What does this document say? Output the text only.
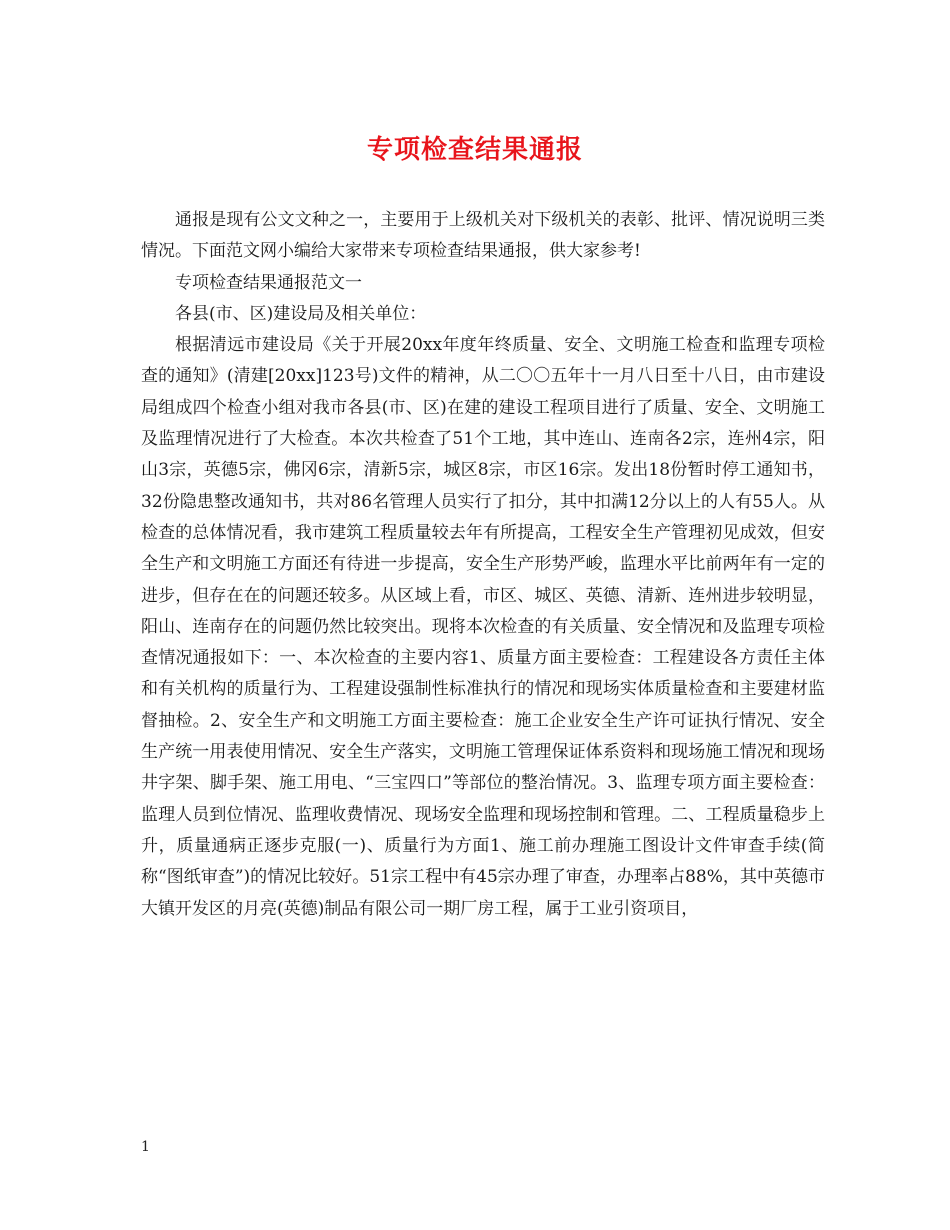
专项检查结果通报

通报是现有公文文种之一，主要用于上级机关对下级机关的表彰、批评、情况说明三类情况。下面范文网小编给大家带来专项检查结果通报，供大家参考!

专项检查结果通报范文一

各县(市、区)建设局及相关单位：

根据清远市建设局《关于开展20xx年度年终质量、安全、文明施工检查和监理专项检查的通知》(清建[20xx]123号)文件的精神，从二〇〇五年十一月八日至十八日，由市建设局组成四个检查小组对我市各县(市、区)在建的建设工程项目进行了质量、安全、文明施工及监理情况进行了大检查。本次共检查了51个工地，其中连山、连南各2宗，连州4宗，阳山3宗，英德5宗，佛冈6宗，清新5宗，城区8宗，市区16宗。发出18份暂时停工通知书，32份隐患整改通知书，共对86名管理人员实行了扣分，其中扣满12分以上的人有55人。从检查的总体情况看，我市建筑工程质量较去年有所提高，工程安全生产管理初见成效，但安全生产和文明施工方面还有待进一步提高，安全生产形势严峻，监理水平比前两年有一定的进步，但存在在的问题还较多。从区域上看，市区、城区、英德、清新、连州进步较明显，阳山、连南存在的问题仍然比较突出。现将本次检查的有关质量、安全情况和及监理专项检查情况通报如下：一、本次检查的主要内容1、质量方面主要检查：工程建设各方责任主体和有关机构的质量行为、工程建设强制性标准执行的情况和现场实体质量检查和主要建材监督抽检。2、安全生产和文明施工方面主要检查：施工企业安全生产许可证执行情况、安全生产统一用表使用情况、安全生产落实，文明施工管理保证体系资料和现场施工情况和现场井字架、脚手架、施工用电、“三宝四口”等部位的整治情况。3、监理专项方面主要检查：监理人员到位情况、监理收费情况、现场安全监理和现场控制和管理。二、工程质量稳步上升，质量通病正逐步克服(一)、质量行为方面1、施工前办理施工图设计文件审查手续(简称“图纸审查”)的情况比较好。51宗工程中有45宗办理了审查，办理率占88%，其中英德市大镇开发区的月亮(英德)制品有限公司一期厂房工程，属于工业引资项目，

1
